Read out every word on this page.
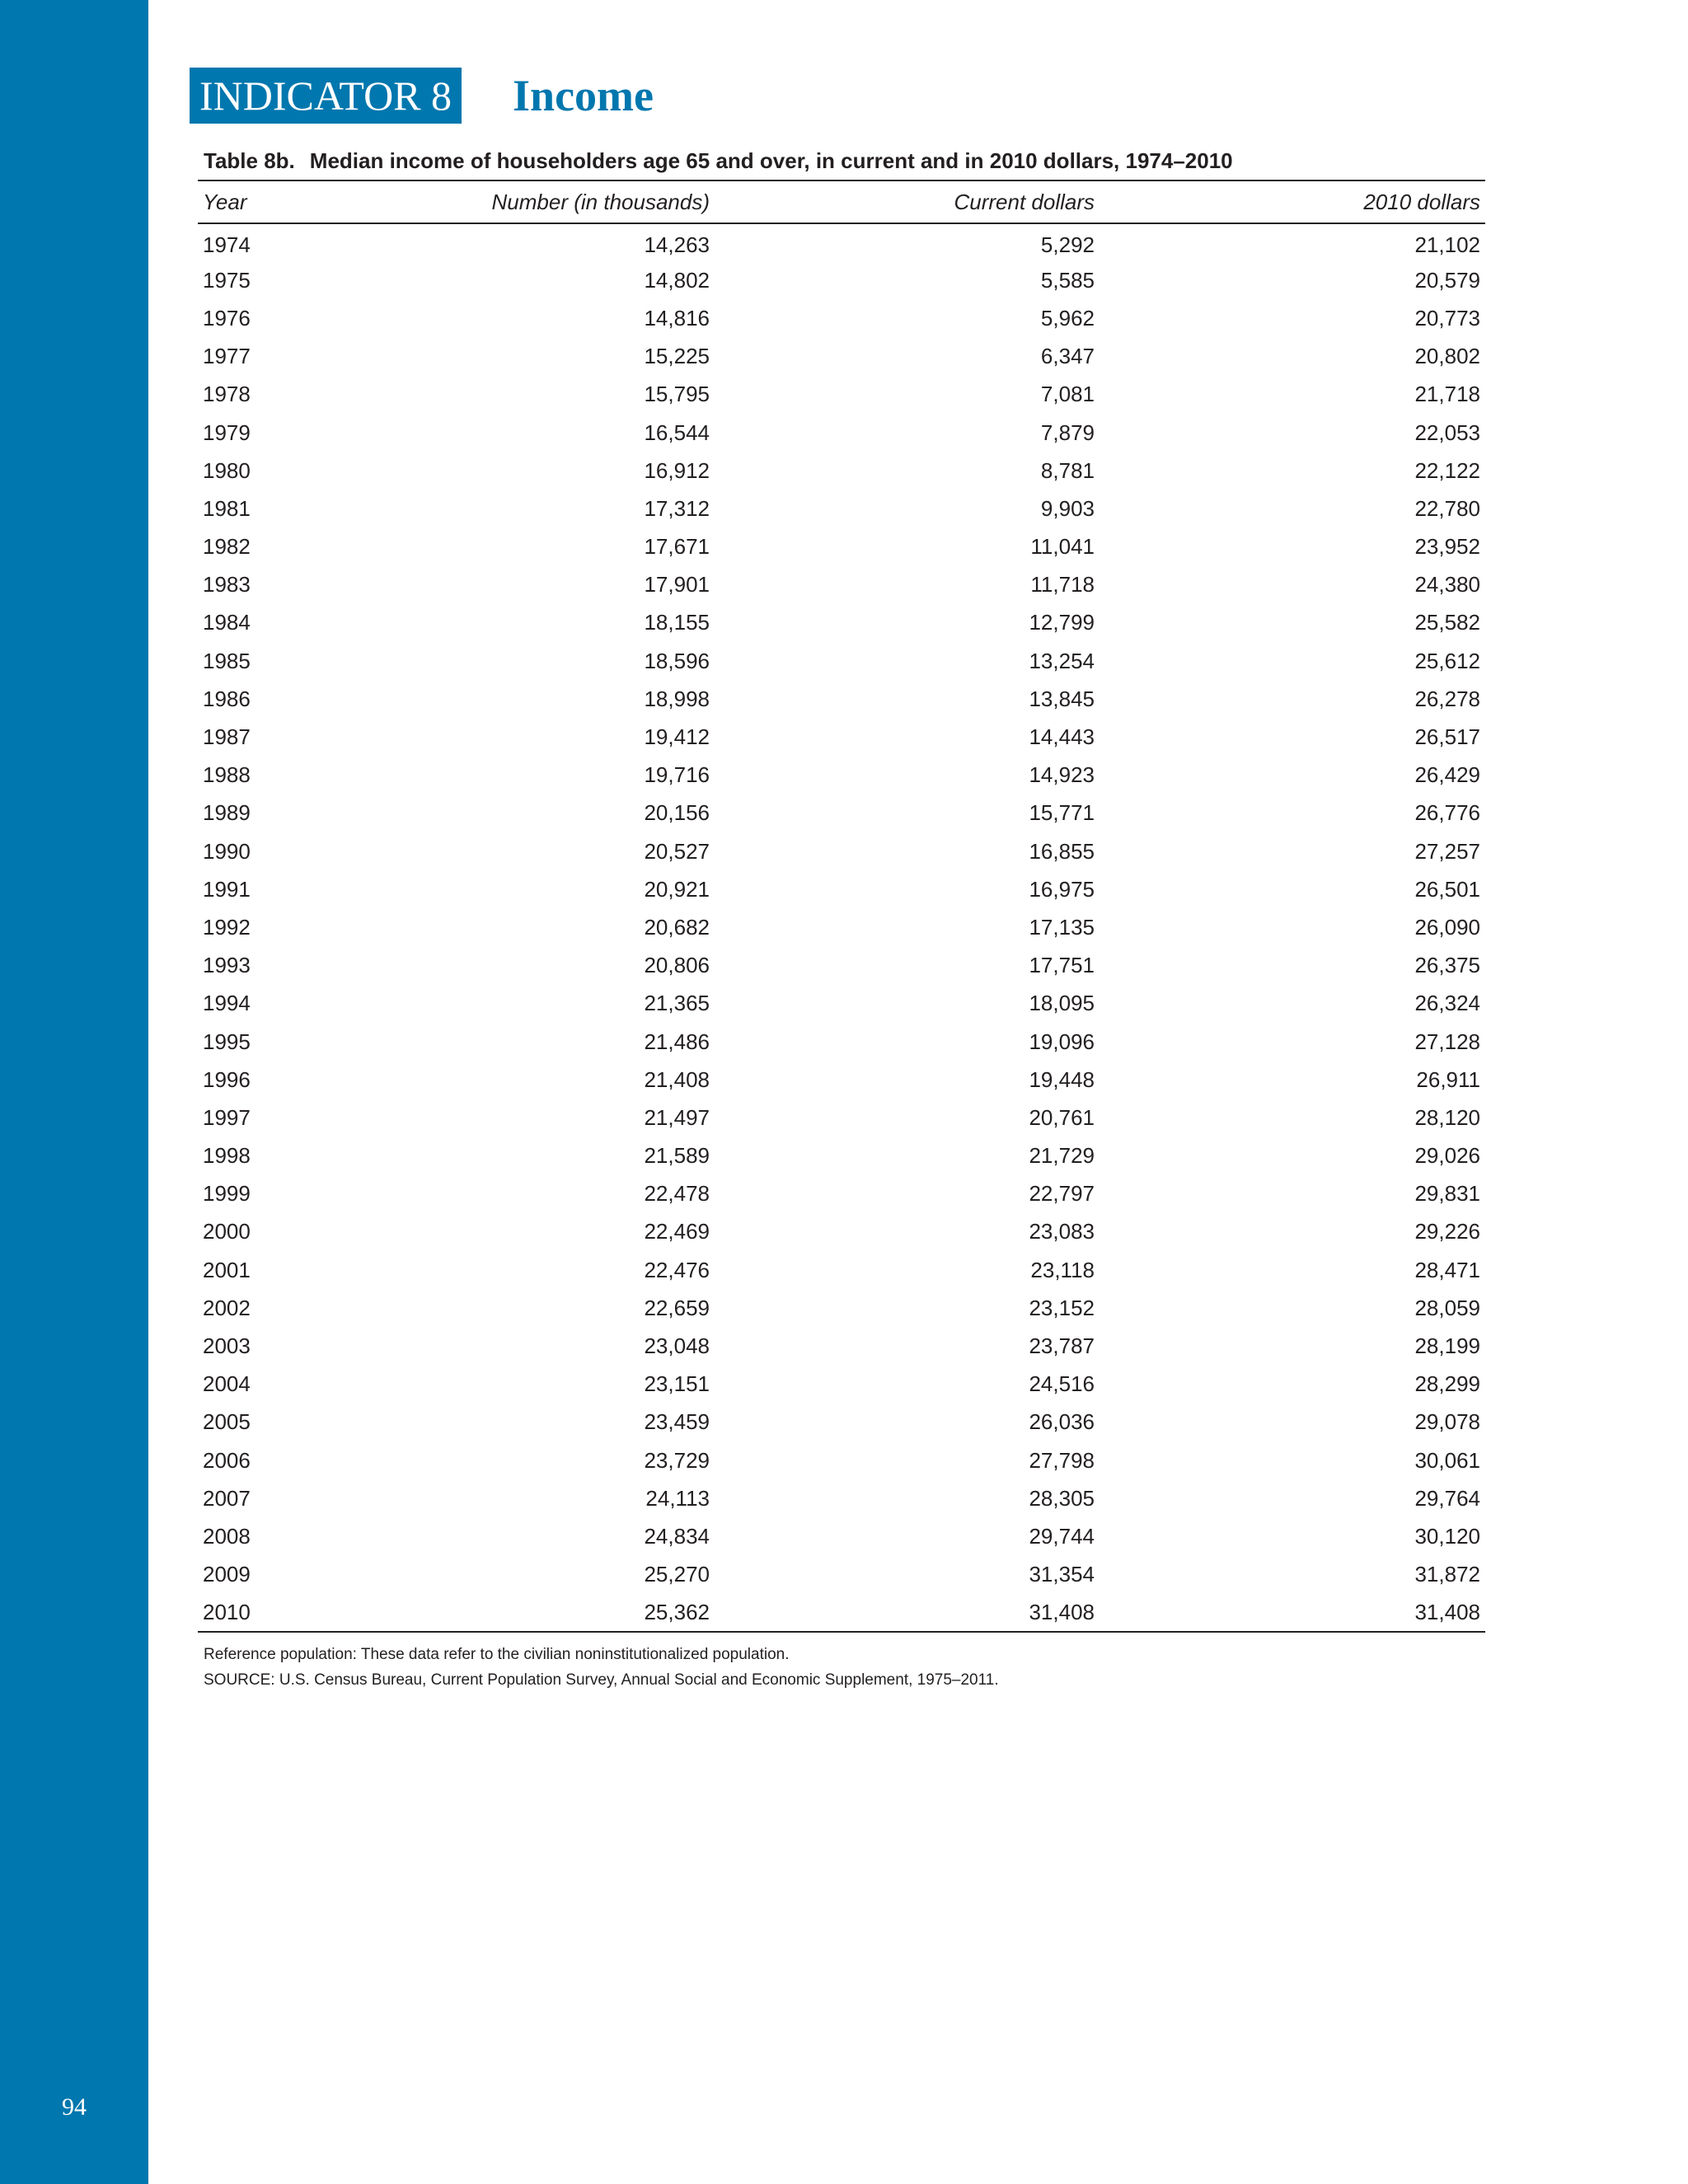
94
INDICATOR 8 Income
Table 8b. Median income of householders age 65 and over, in current and in 2010 dollars, 1974–2010
Year	Number (in thousands)	Current dollars	2010 dollars
1974	14,263	5,292	21,102
1975	14,802	5,585	20,579
1976	14,816	5,962	20,773
1977	15,225	6,347	20,802
1978	15,795	7,081	21,718
1979	16,544	7,879	22,053
1980	16,912	8,781	22,122
1981	17,312	9,903	22,780
1982	17,671	11,041	23,952
1983	17,901	11,718	24,380
1984	18,155	12,799	25,582
1985	18,596	13,254	25,612
1986	18,998	13,845	26,278
1987	19,412	14,443	26,517
1988	19,716	14,923	26,429
1989	20,156	15,771	26,776
1990	20,527	16,855	27,257
1991	20,921	16,975	26,501
1992	20,682	17,135	26,090
1993	20,806	17,751	26,375
1994	21,365	18,095	26,324
1995	21,486	19,096	27,128
1996	21,408	19,448	26,911
1997	21,497	20,761	28,120
1998	21,589	21,729	29,026
1999	22,478	22,797	29,831
2000	22,469	23,083	29,226
2001	22,476	23,118	28,471
2002	22,659	23,152	28,059
2003	23,048	23,787	28,199
2004	23,151	24,516	28,299
2005	23,459	26,036	29,078
2006	23,729	27,798	30,061
2007	24,113	28,305	29,764
2008	24,834	29,744	30,120
2009	25,270	31,354	31,872
2010	25,362	31,408	31,408
Reference population: These data refer to the civilian noninstitutionalized population.
SOURCE: U.S. Census Bureau, Current Population Survey, Annual Social and Economic Supplement, 1975–2011.
